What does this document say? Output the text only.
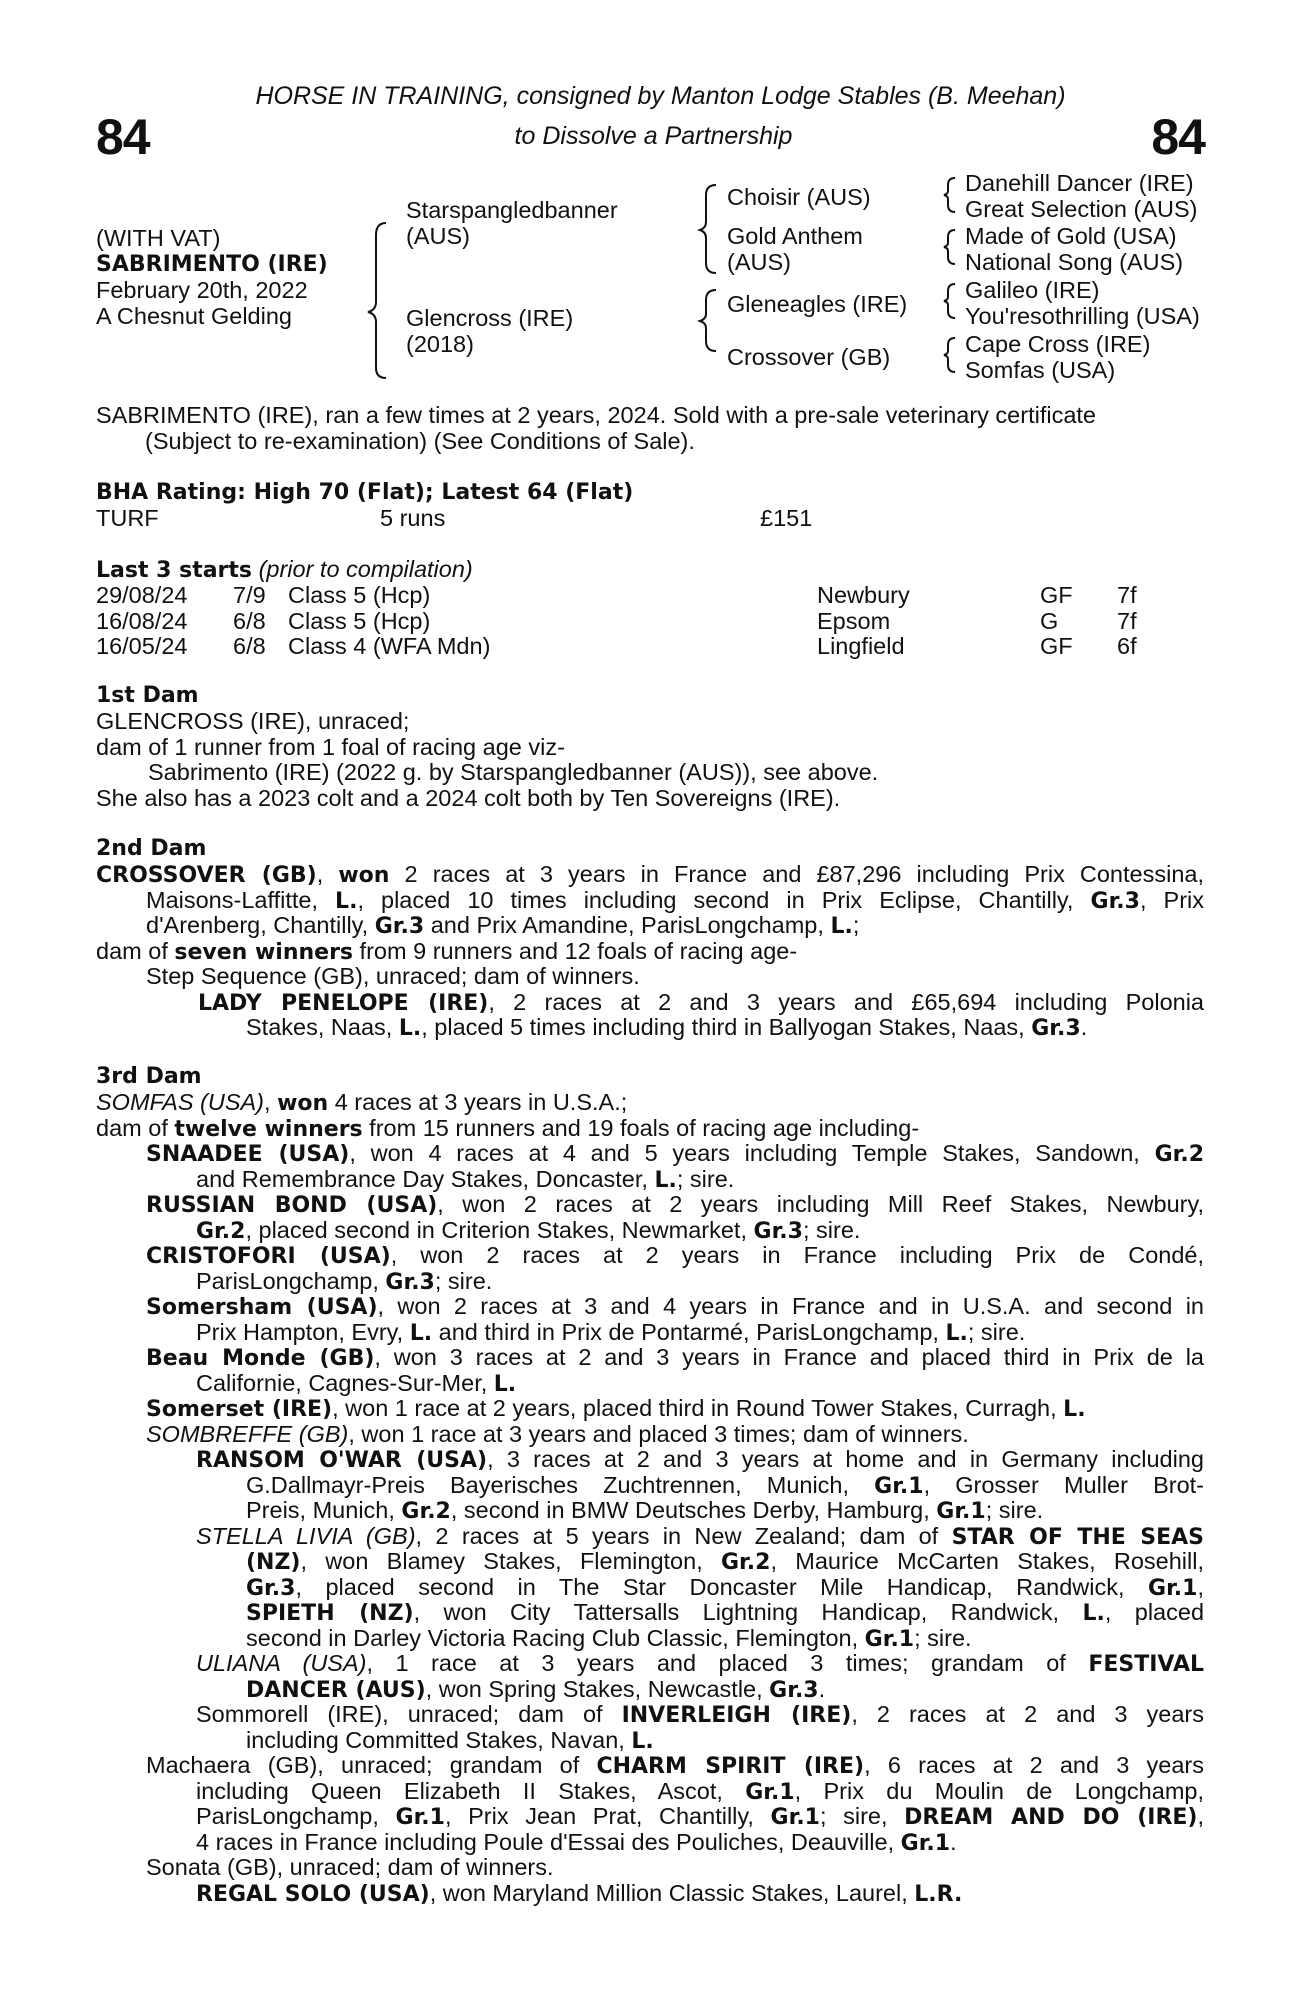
84	84
HORSE IN TRAINING, consigned by Manton Lodge Stables (B. Meehan)
to Dissolve a Partnership
(WITH VAT)
SABRIMENTO (IRE)
February 20th, 2022
A Chesnut Gelding
Starspangledbanner
(AUS)
Glencross (IRE)
(2018)
Choisir (AUS)
Gold Anthem
(AUS)
Gleneagles (IRE)
Crossover (GB)
Danehill Dancer (IRE)
Great Selection (AUS)
Made of Gold (USA)
National Song (AUS)
Galileo (IRE)
You'resothrilling (USA)
Cape Cross (IRE)
Somfas (USA)
SABRIMENTO (IRE), ran a few times at 2 years, 2024. Sold with a pre-sale veterinary certificate
(Subject to re-examination) (See Conditions of Sale).
BHA Rating: High 70 (Flat); Latest 64 (Flat)
TURF	5 runs	£151
Last 3 starts (prior to compilation)
29/08/24 7/9 Class 5 (Hcp)	Newbury	GF 7f
16/08/24 6/8 Class 5 (Hcp)	Epsom	G 7f
16/05/24 6/8 Class 4 (WFA Mdn)	Lingfield	GF 6f
1st Dam
GLENCROSS (IRE), unraced;
dam of 1 runner from 1 foal of racing age viz-
Sabrimento (IRE) (2022 g. by Starspangledbanner (AUS)), see above.
She also has a 2023 colt and a 2024 colt both by Ten Sovereigns (IRE).
2nd Dam
CROSSOVER (GB), won 2 races at 3 years in France and £87,296 including Prix Contessina,
Maisons-Laffitte, L., placed 10 times including second in Prix Eclipse, Chantilly, Gr.3, Prix
d'Arenberg, Chantilly, Gr.3 and Prix Amandine, ParisLongchamp, L.;
dam of seven winners from 9 runners and 12 foals of racing age-
Step Sequence (GB), unraced; dam of winners.
LADY PENELOPE (IRE), 2 races at 2 and 3 years and £65,694 including Polonia
Stakes, Naas, L., placed 5 times including third in Ballyogan Stakes, Naas, Gr.3.
3rd Dam
SOMFAS (USA), won 4 races at 3 years in U.S.A.;
dam of twelve winners from 15 runners and 19 foals of racing age including-
SNAADEE (USA), won 4 races at 4 and 5 years including Temple Stakes, Sandown, Gr.2
and Remembrance Day Stakes, Doncaster, L.; sire.
RUSSIAN BOND (USA), won 2 races at 2 years including Mill Reef Stakes, Newbury,
Gr.2, placed second in Criterion Stakes, Newmarket, Gr.3; sire.
CRISTOFORI (USA), won 2 races at 2 years in France including Prix de Condé,
ParisLongchamp, Gr.3; sire.
Somersham (USA), won 2 races at 3 and 4 years in France and in U.S.A. and second in
Prix Hampton, Evry, L. and third in Prix de Pontarmé, ParisLongchamp, L.; sire.
Beau Monde (GB), won 3 races at 2 and 3 years in France and placed third in Prix de la
Californie, Cagnes-Sur-Mer, L.
Somerset (IRE), won 1 race at 2 years, placed third in Round Tower Stakes, Curragh, L.
SOMBREFFE (GB), won 1 race at 3 years and placed 3 times; dam of winners.
RANSOM O'WAR (USA), 3 races at 2 and 3 years at home and in Germany including
G.Dallmayr-Preis Bayerisches Zuchtrennen, Munich, Gr.1, Grosser Muller Brot-
Preis, Munich, Gr.2, second in BMW Deutsches Derby, Hamburg, Gr.1; sire.
STELLA LIVIA (GB), 2 races at 5 years in New Zealand; dam of STAR OF THE SEAS
(NZ), won Blamey Stakes, Flemington, Gr.2, Maurice McCarten Stakes, Rosehill,
Gr.3, placed second in The Star Doncaster Mile Handicap, Randwick, Gr.1,
SPIETH (NZ), won City Tattersalls Lightning Handicap, Randwick, L., placed
second in Darley Victoria Racing Club Classic, Flemington, Gr.1; sire.
ULIANA (USA), 1 race at 3 years and placed 3 times; grandam of FESTIVAL
DANCER (AUS), won Spring Stakes, Newcastle, Gr.3.
Sommorell (IRE), unraced; dam of INVERLEIGH (IRE), 2 races at 2 and 3 years
including Committed Stakes, Navan, L.
Machaera (GB), unraced; grandam of CHARM SPIRIT (IRE), 6 races at 2 and 3 years
including Queen Elizabeth II Stakes, Ascot, Gr.1, Prix du Moulin de Longchamp,
ParisLongchamp, Gr.1, Prix Jean Prat, Chantilly, Gr.1; sire, DREAM AND DO (IRE),
4 races in France including Poule d'Essai des Pouliches, Deauville, Gr.1.
Sonata (GB), unraced; dam of winners.
REGAL SOLO (USA), won Maryland Million Classic Stakes, Laurel, L.R.
